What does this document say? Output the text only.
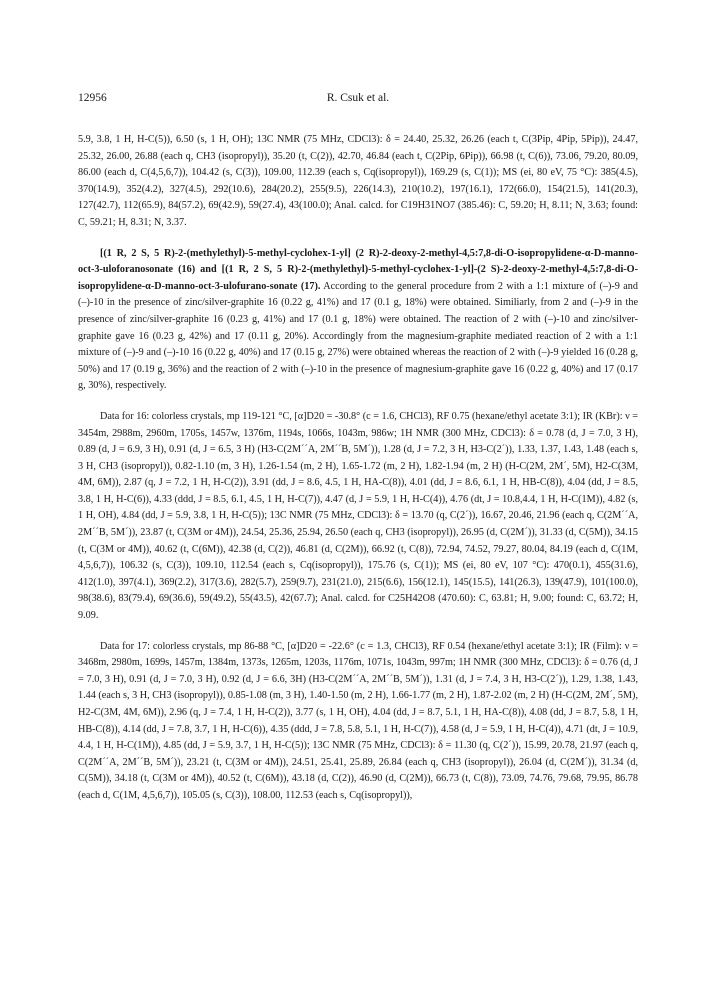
12956	R. Csuk et al.

5.9, 3.8, 1 H, H-C(5)), 6.50 (s, 1 H, OH); 13C NMR (75 MHz, CDCl3): δ = 24.40, 25.32, 26.26 (each t, C(3Pip, 4Pip, 5Pip)), 24.47, 25.32, 26.00, 26.88 (each q, CH3 (isopropyl)), 35.20 (t, C(2)), 42.70, 46.84 (each t, C(2Pip, 6Pip)), 66.98 (t, C(6)), 73.06, 79.20, 80.09, 86.00 (each d, C(4,5,6,7)), 104.42 (s, C(3)), 109.00, 112.39 (each s, Cq(isopropyl)), 169.29 (s, C(1)); MS (ei, 80 eV, 75 °C): 385(4.5), 370(14.9), 352(4.2), 327(4.5), 292(10.6), 284(20.2), 255(9.5), 226(14.3), 210(10.2), 197(16.1), 172(66.0), 154(21.5), 141(20.3), 127(42.7), 112(65.9), 84(57.2), 69(42.9), 59(27.4), 43(100.0); Anal. calcd. for C19H31NO7 (385.46): C, 59.20; H, 8.11; N, 3.63; found: C, 59.21; H, 8.31; N, 3.37.

[(1 R, 2 S, 5 R)-2-(methylethyl)-5-methyl-cyclohex-1-yl] (2 R)-2-deoxy-2-methyl-4,5:7,8-di-O-isopropylidene-α-D-manno-oct-3-uloforanosonate (16) and [(1 R, 2 S, 5 R)-2-(methylethyl)-5-methyl-cyclohex-1-yl]-(2 S)-2-deoxy-2-methyl-4,5:7,8-di-O-isopropylidene-α-D-manno-oct-3-ulofurano-sonate (17). According to the general procedure from 2 with a 1:1 mixture of (–)-9 and (–)-10 in the presence of zinc/silver-graphite 16 (0.22 g, 41%) and 17 (0.1 g, 18%) were obtained. Similiarly, from 2 and (–)-9 in the presence of zinc/silver-graphite 16 (0.23 g, 41%) and 17 (0.1 g, 18%) were obtained. The reaction of 2 with (–)-10 and zinc/silver-graphite gave 16 (0.23 g, 42%) and 17 (0.11 g, 20%). Accordingly from the magnesium-graphite mediated reaction of 2 with a 1:1 mixture of (–)-9 and (–)-10 16 (0.22 g, 40%) and 17 (0.15 g, 27%) were obtained whereas the reaction of 2 with (–)-9 yielded 16 (0.28 g, 50%) and 17 (0.19 g, 36%) and the reaction of 2 with (–)-10 in the presence of magnesium-graphite gave 16 (0.22 g, 40%) and 17 (0.17 g, 30%), respectively.

Data for 16: colorless crystals, mp 119-121 °C, [α]D20 = -30.8° (c = 1.6, CHCl3), RF 0.75 (hexane/ethyl acetate 3:1); IR (KBr): ν = 3454m, 2988m, 2960m, 1705s, 1457w, 1376m, 1194s, 1066s, 1043m, 986w; 1H NMR (300 MHz, CDCl3): δ = 0.78 (d, J = 7.0, 3 H), 0.89 (d, J = 6.9, 3 H), 0.91 (d, J = 6.5, 3 H) (H3-C(2M´´A, 2M´´B, 5M´)), 1.28 (d, J = 7.2, 3 H, H3-C(2´)), 1.33, 1.37, 1.43, 1.48 (each s, 3 H, CH3 (isopropyl)), 0.82-1.10 (m, 3 H), 1.26-1.54 (m, 2 H), 1.65-1.72 (m, 2 H), 1.82-1.94 (m, 2 H) (H-C(2M, 2M´, 5M), H2-C(3M, 4M, 6M)), 2.87 (q, J = 7.2, 1 H, H-C(2)), 3.91 (dd, J = 8.6, 4.5, 1 H, HA-C(8)), 4.01 (dd, J = 8.6, 6.1, 1 H, HB-C(8)), 4.04 (dd, J = 8.5, 3.8, 1 H, H-C(6)), 4.33 (ddd, J = 8.5, 6.1, 4.5, 1 H, H-C(7)), 4.47 (d, J = 5.9, 1 H, H-C(4)), 4.76 (dt, J = 10.8,4.4, 1 H, H-C(1M)), 4.82 (s, 1 H, OH), 4.84 (dd, J = 5.9, 3.8, 1 H, H-C(5)); 13C NMR (75 MHz, CDCl3): δ = 13.70 (q, C(2´)), 16.67, 20.46, 21.96 (each q, C(2M´´A, 2M´´B, 5M´)), 23.87 (t, C(3M or 4M)), 24.54, 25.36, 25.94, 26.50 (each q, CH3 (isopropyl)), 26.95 (d, C(2M´)), 31.33 (d, C(5M)), 34.15 (t, C(3M or 4M)), 40.62 (t, C(6M)), 42.38 (d, C(2)), 46.81 (d, C(2M)), 66.92 (t, C(8)), 72.94, 74.52, 79.27, 80.04, 84.19 (each d, C(1M, 4,5,6,7)), 106.32 (s, C(3)), 109.10, 112.54 (each s, Cq(isopropyl)), 175.76 (s, C(1)); MS (ei, 80 eV, 107 °C): 470(0.1), 455(31.6), 412(1.0), 397(4.1), 369(2.2), 317(3.6), 282(5.7), 259(9.7), 231(21.0), 215(6.6), 156(12.1), 145(15.5), 141(26.3), 139(47.9), 101(100.0), 98(38.6), 83(79.4), 69(36.6), 59(49.2), 55(43.5), 42(67.7); Anal. calcd. for C25H42O8 (470.60): C, 63.81; H, 9.00; found: C, 63.72; H, 9.09.

Data for 17: colorless crystals, mp 86-88 °C, [α]D20 = -22.6° (c = 1.3, CHCl3), RF 0.54 (hexane/ethyl acetate 3:1); IR (Film): ν = 3468m, 2980m, 1699s, 1457m, 1384m, 1373s, 1265m, 1203s, 1176m, 1071s, 1043m, 997m; 1H NMR (300 MHz, CDCl3): δ = 0.76 (d, J = 7.0, 3 H), 0.91 (d, J = 7.0, 3 H), 0.92 (d, J = 6.6, 3H) (H3-C(2M´´A, 2M´´B, 5M´)), 1.31 (d, J = 7.4, 3 H, H3-C(2´)), 1.29, 1.38, 1.43, 1.44 (each s, 3 H, CH3 (isopropyl)), 0.85-1.08 (m, 3 H), 1.40-1.50 (m, 2 H), 1.66-1.77 (m, 2 H), 1.87-2.02 (m, 2 H) (H-C(2M, 2M´, 5M), H2-C(3M, 4M, 6M)), 2.96 (q, J = 7.4, 1 H, H-C(2)), 3.77 (s, 1 H, OH), 4.04 (dd, J = 8.7, 5.1, 1 H, HA-C(8)), 4.08 (dd, J = 8.7, 5.8, 1 H, HB-C(8)), 4.14 (dd, J = 7.8, 3.7, 1 H, H-C(6)), 4.35 (ddd, J = 7.8, 5.8, 5.1, 1 H, H-C(7)), 4.58 (d, J = 5.9, 1 H, H-C(4)), 4.71 (dt, J = 10.9, 4.4, 1 H, H-C(1M)), 4.85 (dd, J = 5.9, 3.7, 1 H, H-C(5)); 13C NMR (75 MHz, CDCl3): δ = 11.30 (q, C(2´)), 15.99, 20.78, 21.97 (each q, C(2M´´A, 2M´´B, 5M´)), 23.21 (t, C(3M or 4M)), 24.51, 25.41, 25.89, 26.84 (each q, CH3 (isopropyl)), 26.04 (d, C(2M´)), 31.34 (d, C(5M)), 34.18 (t, C(3M or 4M)), 40.52 (t, C(6M)), 43.18 (d, C(2)), 46.90 (d, C(2M)), 66.73 (t, C(8)), 73.09, 74.76, 79.68, 79.95, 86.78 (each d, C(1M, 4,5,6,7)), 105.05 (s, C(3)), 108.00, 112.53 (each s, Cq(isopropyl)),
